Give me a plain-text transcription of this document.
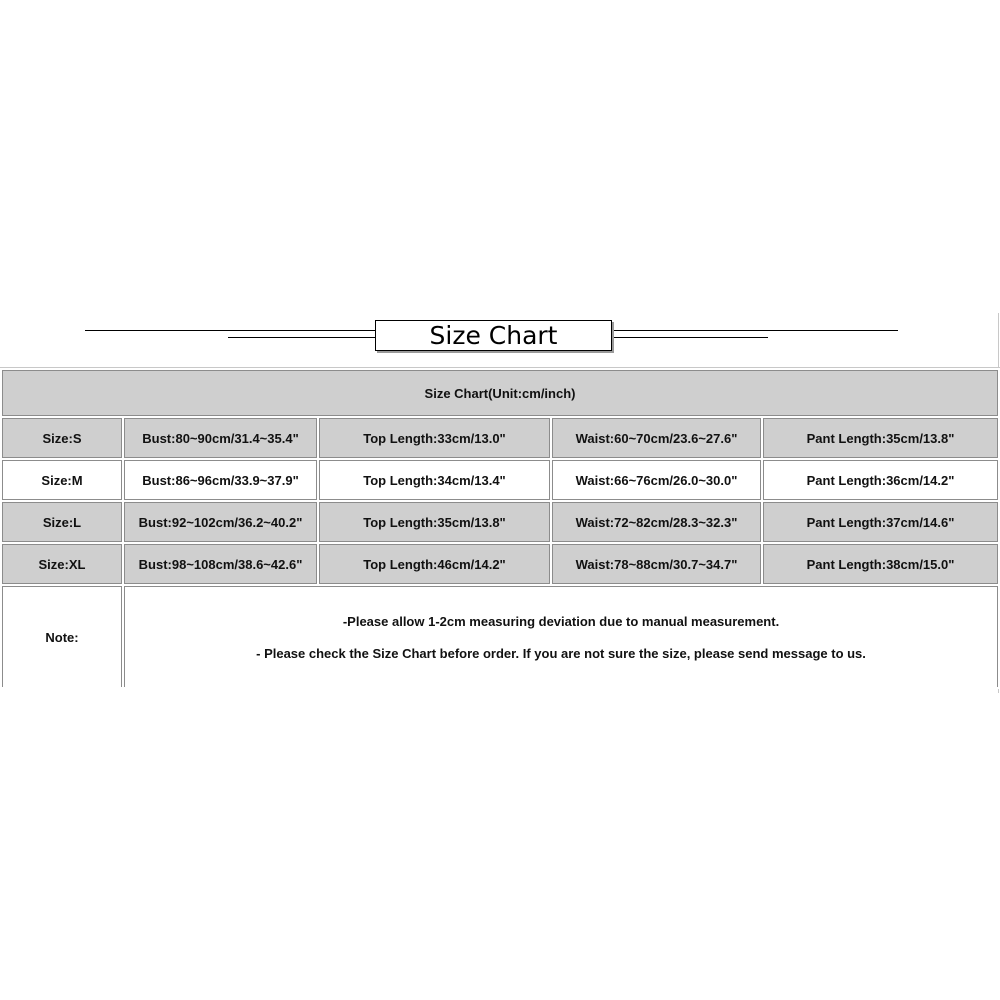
Size Chart
Size Chart(Unit:cm/inch)				
Size:S	Bust:80~90cm/31.4~35.4"	Top Length:33cm/13.0"	Waist:60~70cm/23.6~27.6"	Pant Length:35cm/13.8"
Size:M	Bust:86~96cm/33.9~37.9"	Top Length:34cm/13.4"	Waist:66~76cm/26.0~30.0"	Pant Length:36cm/14.2"
Size:L	Bust:92~102cm/36.2~40.2"	Top Length:35cm/13.8"	Waist:72~82cm/28.3~32.3"	Pant Length:37cm/14.6"
Size:XL	Bust:98~108cm/38.6~42.6"	Top Length:46cm/14.2"	Waist:78~88cm/30.7~34.7"	Pant Length:38cm/15.0"
Note:	-Please allow 1-2cm measuring deviation due to manual measurement.

- Please check the Size Chart before order. If you are not sure the size, please send message to us.			
